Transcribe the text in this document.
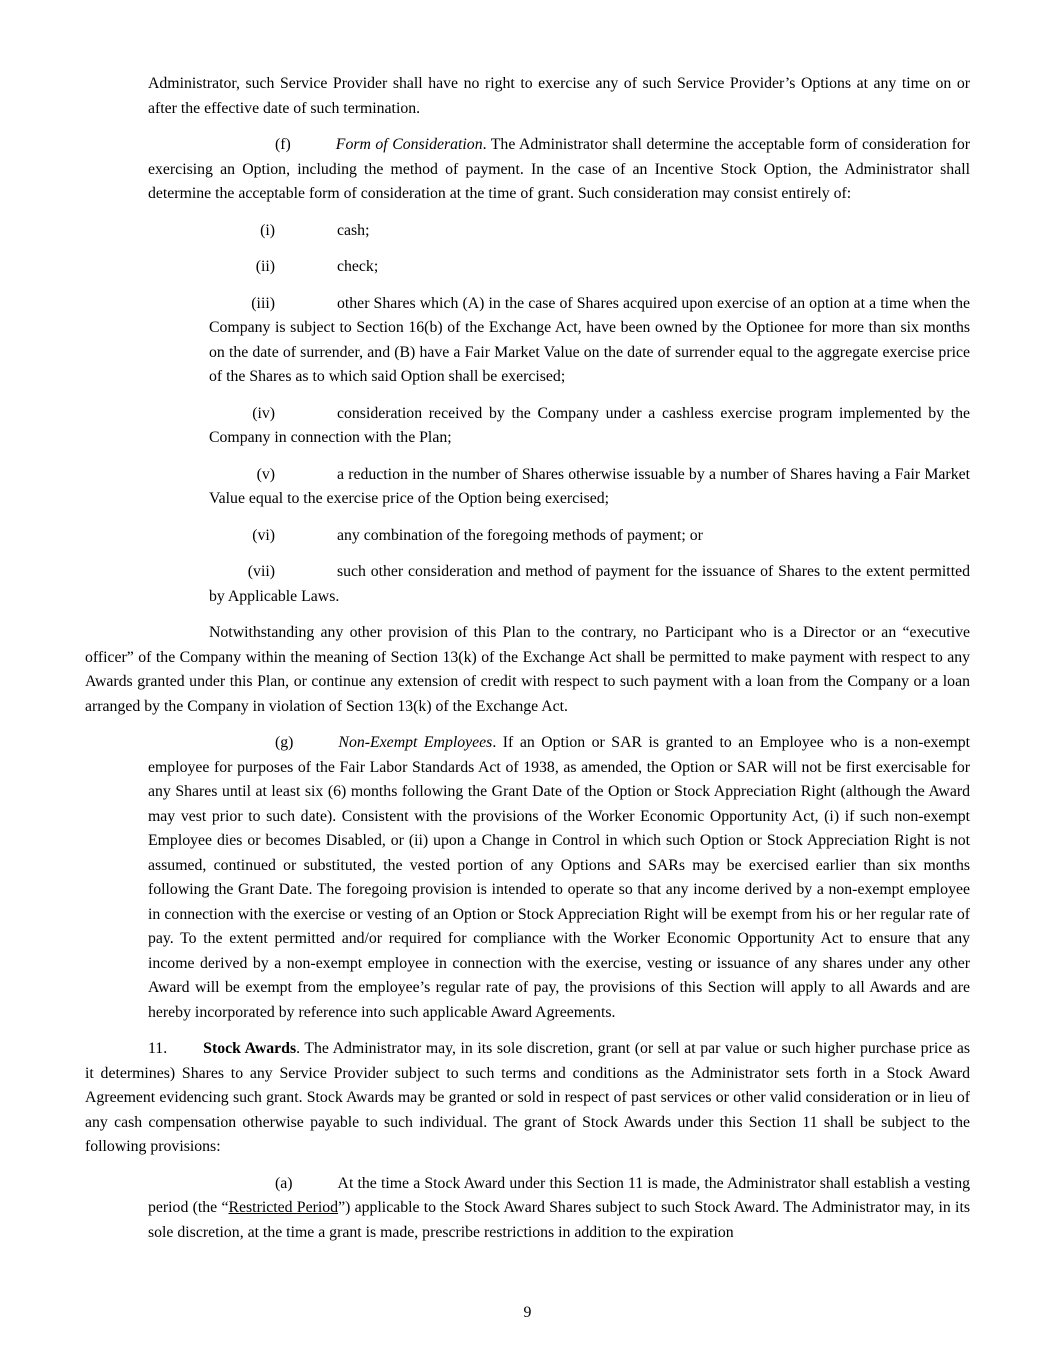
Administrator, such Service Provider shall have no right to exercise any of such Service Provider’s Options at any time on or after the effective date of such termination.

(f)	Form of Consideration. The Administrator shall determine the acceptable form of consideration for exercising an Option, including the method of payment. In the case of an Incentive Stock Option, the Administrator shall determine the acceptable form of consideration at the time of grant. Such consideration may consist entirely of:

(i)	cash;

(ii)	check;

(iii)	other Shares which (A) in the case of Shares acquired upon exercise of an option at a time when the Company is subject to Section 16(b) of the Exchange Act, have been owned by the Optionee for more than six months on the date of surrender, and (B) have a Fair Market Value on the date of surrender equal to the aggregate exercise price of the Shares as to which said Option shall be exercised;

(iv)	consideration received by the Company under a cashless exercise program implemented by the Company in connection with the Plan;

(v)	a reduction in the number of Shares otherwise issuable by a number of Shares having a Fair Market Value equal to the exercise price of the Option being exercised;

(vi)	any combination of the foregoing methods of payment; or

(vii)	such other consideration and method of payment for the issuance of Shares to the extent permitted by Applicable Laws.

Notwithstanding any other provision of this Plan to the contrary, no Participant who is a Director or an “executive officer” of the Company within the meaning of Section 13(k) of the Exchange Act shall be permitted to make payment with respect to any Awards granted under this Plan, or continue any extension of credit with respect to such payment with a loan from the Company or a loan arranged by the Company in violation of Section 13(k) of the Exchange Act.

(g)	Non-Exempt Employees. If an Option or SAR is granted to an Employee who is a non-exempt employee for purposes of the Fair Labor Standards Act of 1938, as amended, the Option or SAR will not be first exercisable for any Shares until at least six (6) months following the Grant Date of the Option or Stock Appreciation Right (although the Award may vest prior to such date). Consistent with the provisions of the Worker Economic Opportunity Act, (i) if such non-exempt Employee dies or becomes Disabled, or (ii) upon a Change in Control in which such Option or Stock Appreciation Right is not assumed, continued or substituted, the vested portion of any Options and SARs may be exercised earlier than six months following the Grant Date. The foregoing provision is intended to operate so that any income derived by a non-exempt employee in connection with the exercise or vesting of an Option or Stock Appreciation Right will be exempt from his or her regular rate of pay. To the extent permitted and/or required for compliance with the Worker Economic Opportunity Act to ensure that any income derived by a non-exempt employee in connection with the exercise, vesting or issuance of any shares under any other Award will be exempt from the employee’s regular rate of pay, the provisions of this Section will apply to all Awards and are hereby incorporated by reference into such applicable Award Agreements.

11. Stock Awards. The Administrator may, in its sole discretion, grant (or sell at par value or such higher purchase price as it determines) Shares to any Service Provider subject to such terms and conditions as the Administrator sets forth in a Stock Award Agreement evidencing such grant. Stock Awards may be granted or sold in respect of past services or other valid consideration or in lieu of any cash compensation otherwise payable to such individual. The grant of Stock Awards under this Section 11 shall be subject to the following provisions:

(a)	At the time a Stock Award under this Section 11 is made, the Administrator shall establish a vesting period (the “Restricted Period”) applicable to the Stock Award Shares subject to such Stock Award. The Administrator may, in its sole discretion, at the time a grant is made, prescribe restrictions in addition to the expiration

9
